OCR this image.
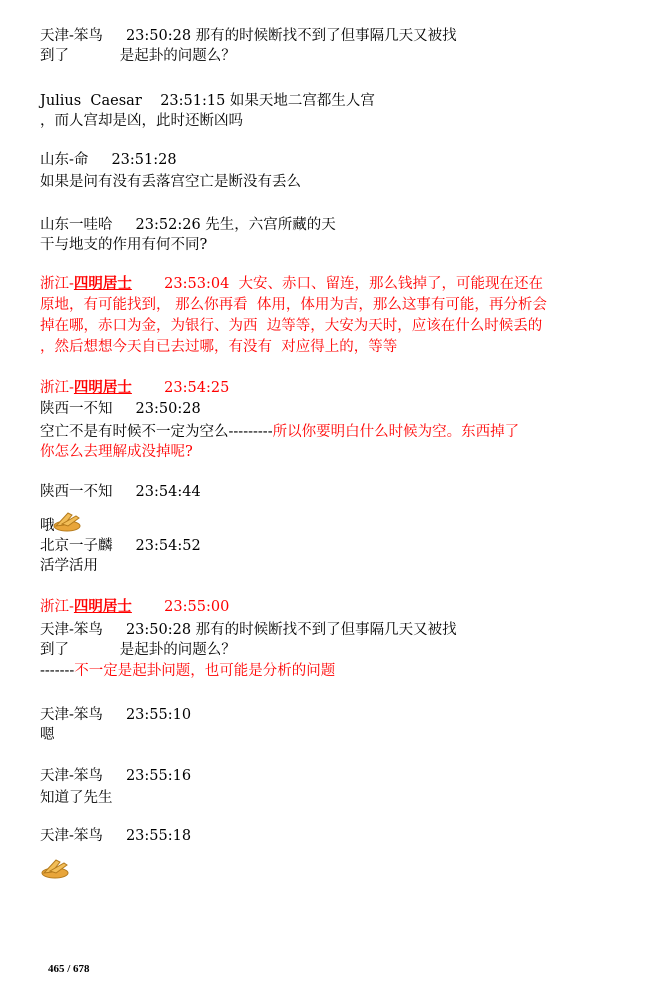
天津-笨鸟     23:50:28 那有的时候断找不到了但事隔几天又被找
到了           是起卦的问题么？
Julius  Caesar    23:51:15 如果天地二宫都生人宫
，而人宫却是凶，此时还断凶吗
山东-命     23:51:28
如果是问有没有丢落宫空亡是断没有丢么
山东一哇哈     23:52:26 先生，六宫所藏的天
干与地支的作用有何不同?
浙江-四明居士       23:53:04  大安、赤口、留连，那么钱掉了，可能现在还在
原地，有可能找到， 那么你再看  体用，体用为吉，那么这事有可能，再分析会
掉在哪，赤口为金，为银行、为西  边等等，大安为天时，应该在什么时候丢的
，然后想想今天自已去过哪，有没有  对应得上的，等等
浙江-四明居士       23:54:25
陕西一不知     23:50:28
空亡不是有时候不一定为空么---------所以你要明白什么时候为空。东西掉了
你怎么去理解成没掉呢?
陕西一不知     23:54:44
哦
北京一子麟     23:54:52
活学活用
浙江-四明居士       23:55:00
天津-笨鸟     23:50:28 那有的时候断找不到了但事隔几天又被找
到了           是起卦的问题么？
-------不一定是起卦问题，也可能是分析的问题
天津-笨鸟     23:55:10
嗯
天津-笨鸟     23:55:16
知道了先生
天津-笨鸟     23:55:18
465 / 678
